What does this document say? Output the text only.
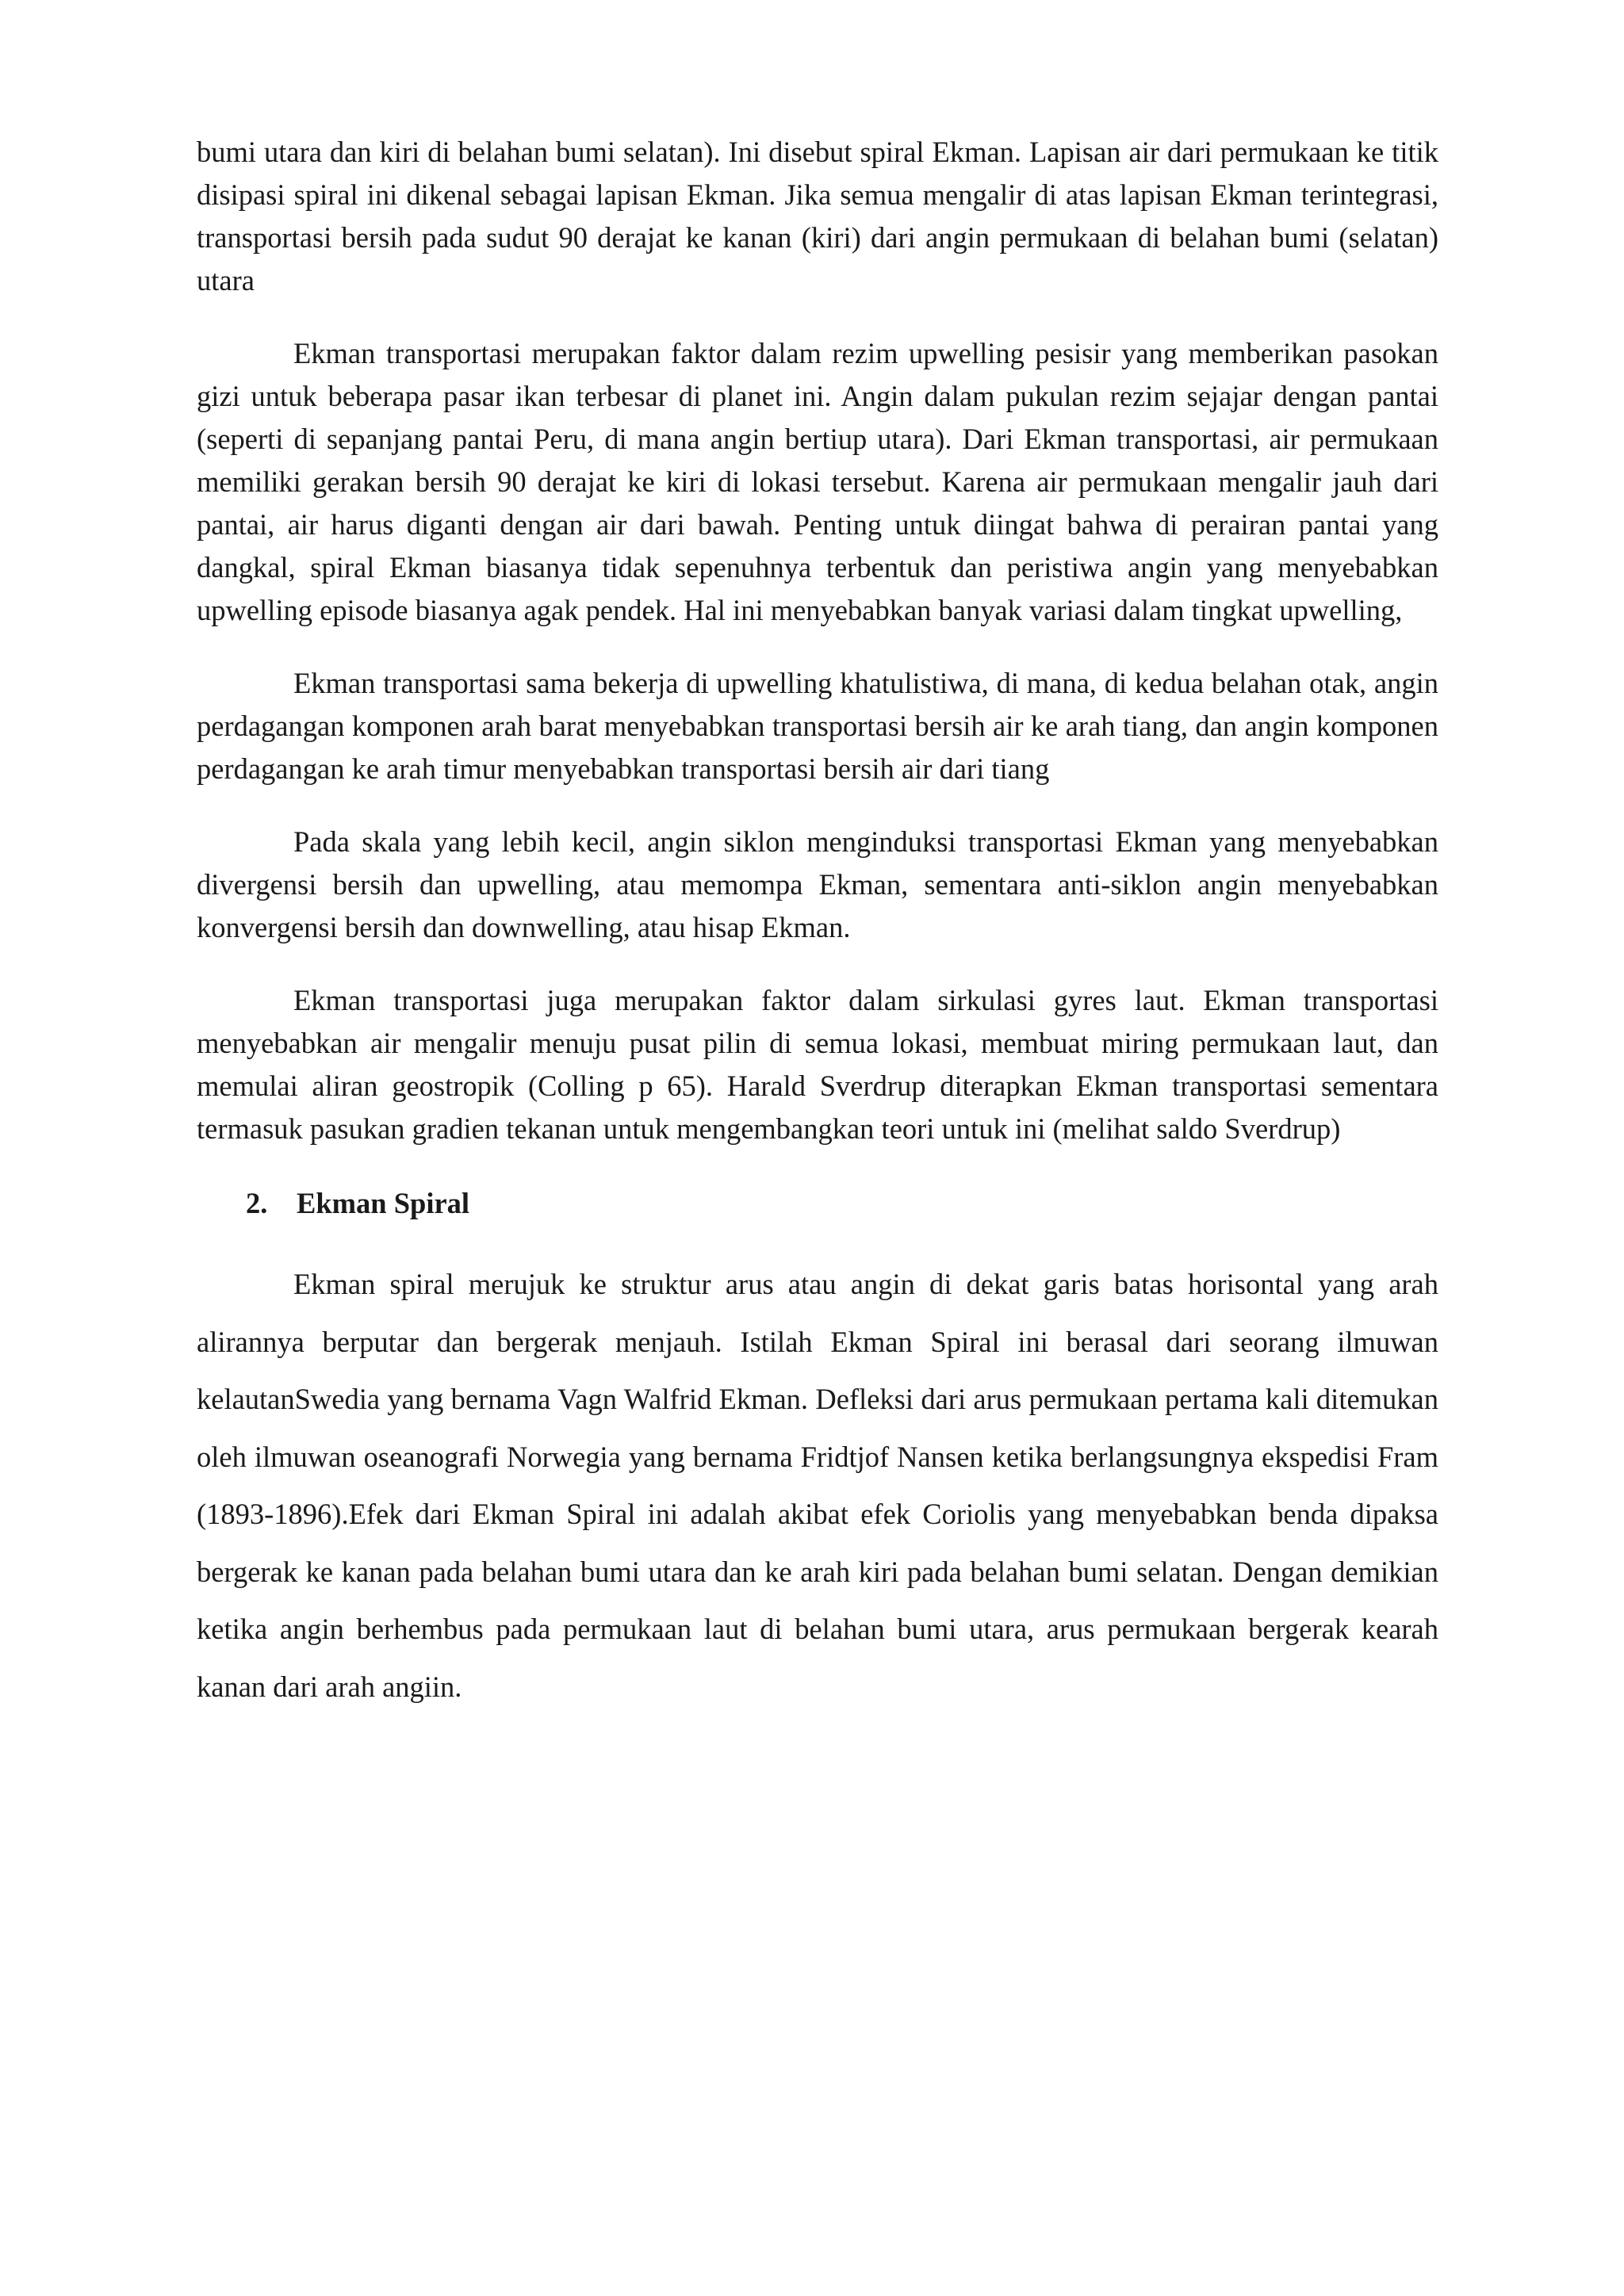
bumi utara dan kiri di belahan bumi selatan). Ini disebut spiral Ekman. Lapisan air dari permukaan ke titik disipasi spiral ini dikenal sebagai lapisan Ekman. Jika semua mengalir di atas lapisan Ekman terintegrasi, transportasi bersih pada sudut 90 derajat ke kanan (kiri) dari angin permukaan di belahan bumi (selatan) utara

Ekman transportasi merupakan faktor dalam rezim upwelling pesisir yang memberikan pasokan gizi untuk beberapa pasar ikan terbesar di planet ini. Angin dalam pukulan rezim sejajar dengan pantai (seperti di sepanjang pantai Peru, di mana angin bertiup utara). Dari Ekman transportasi, air permukaan memiliki gerakan bersih 90 derajat ke kiri di lokasi tersebut. Karena air permukaan mengalir jauh dari pantai, air harus diganti dengan air dari bawah. Penting untuk diingat bahwa di perairan pantai yang dangkal, spiral Ekman biasanya tidak sepenuhnya terbentuk dan peristiwa angin yang menyebabkan upwelling episode biasanya agak pendek. Hal ini menyebabkan banyak variasi dalam tingkat upwelling,

Ekman transportasi sama bekerja di upwelling khatulistiwa, di mana, di kedua belahan otak, angin perdagangan komponen arah barat menyebabkan transportasi bersih air ke arah tiang, dan angin komponen perdagangan ke arah timur menyebabkan transportasi bersih air dari tiang

Pada skala yang lebih kecil, angin siklon menginduksi transportasi Ekman yang menyebabkan divergensi bersih dan upwelling, atau memompa Ekman, sementara anti-siklon angin menyebabkan konvergensi bersih dan downwelling, atau hisap Ekman.

Ekman transportasi juga merupakan faktor dalam sirkulasi gyres laut. Ekman transportasi menyebabkan air mengalir menuju pusat pilin di semua lokasi, membuat miring permukaan laut, dan memulai aliran geostropik (Colling p 65). Harald Sverdrup diterapkan Ekman transportasi sementara termasuk pasukan gradien tekanan untuk mengembangkan teori untuk ini (melihat saldo Sverdrup)

2. Ekman Spiral

Ekman spiral merujuk ke struktur arus atau angin di dekat garis batas horisontal yang arah alirannya berputar dan bergerak menjauh. Istilah Ekman Spiral ini berasal dari seorang ilmuwan kelautanSwedia yang bernama Vagn Walfrid Ekman. Defleksi dari arus permukaan pertama kali ditemukan oleh ilmuwan oseanografi Norwegia yang bernama Fridtjof Nansen ketika berlangsungnya ekspedisi Fram (1893-1896).Efek dari Ekman Spiral ini adalah akibat efek Coriolis yang menyebabkan benda dipaksa bergerak ke kanan pada belahan bumi utara dan ke arah kiri pada belahan bumi selatan. Dengan demikian ketika angin berhembus pada permukaan laut di belahan bumi utara, arus permukaan bergerak kearah kanan dari arah angiin.
